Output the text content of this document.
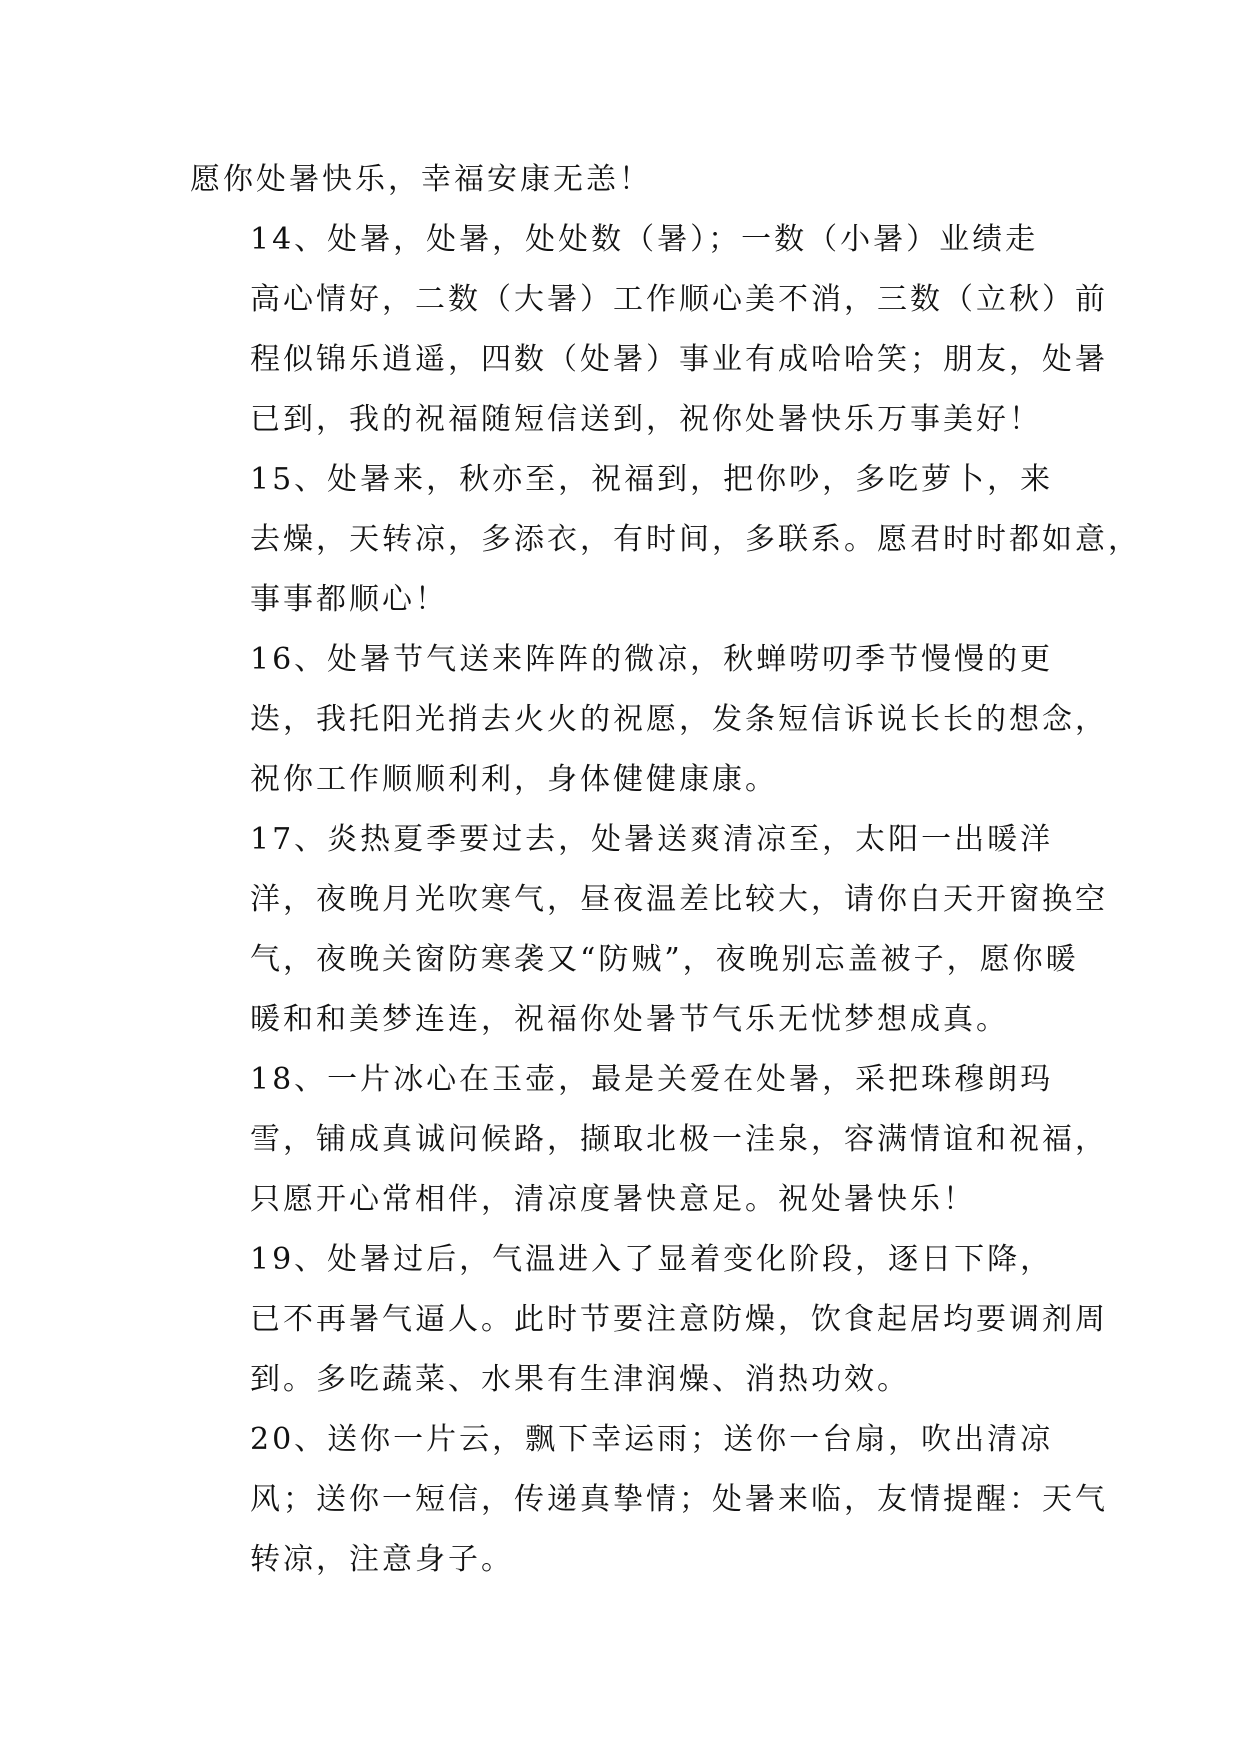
愿你处暑快乐，幸福安康无恙！

14、处暑，处暑，处处数（暑）；一数（小暑）业绩走
高心情好，二数（大暑）工作顺心美不消，三数（立秋）前
程似锦乐逍遥，四数（处暑）事业有成哈哈笑；朋友，处暑
已到，我的祝福随短信送到，祝你处暑快乐万事美好！

15、处暑来，秋亦至，祝福到，把你吵，多吃萝卜，来
去燥，天转凉，多添衣，有时间，多联系。愿君时时都如意，
事事都顺心！

16、处暑节气送来阵阵的微凉，秋蝉唠叨季节慢慢的更
迭，我托阳光捎去火火的祝愿，发条短信诉说长长的想念，
祝你工作顺顺利利，身体健健康康。

17、炎热夏季要过去，处暑送爽清凉至，太阳一出暖洋
洋，夜晚月光吹寒气，昼夜温差比较大，请你白天开窗换空
气，夜晚关窗防寒袭又“防贼”，夜晚别忘盖被子，愿你暖
暖和和美梦连连，祝福你处暑节气乐无忧梦想成真。

18、一片冰心在玉壶，最是关爱在处暑，采把珠穆朗玛
雪，铺成真诚问候路，撷取北极一洼泉，容满情谊和祝福，
只愿开心常相伴，清凉度暑快意足。祝处暑快乐！

19、处暑过后，气温进入了显着变化阶段，逐日下降，
已不再暑气逼人。此时节要注意防燥，饮食起居均要调剂周
到。多吃蔬菜、水果有生津润燥、消热功效。

20、送你一片云，飘下幸运雨；送你一台扇，吹出清凉
风；送你一短信，传递真挚情；处暑来临，友情提醒：天气
转凉，注意身子。
